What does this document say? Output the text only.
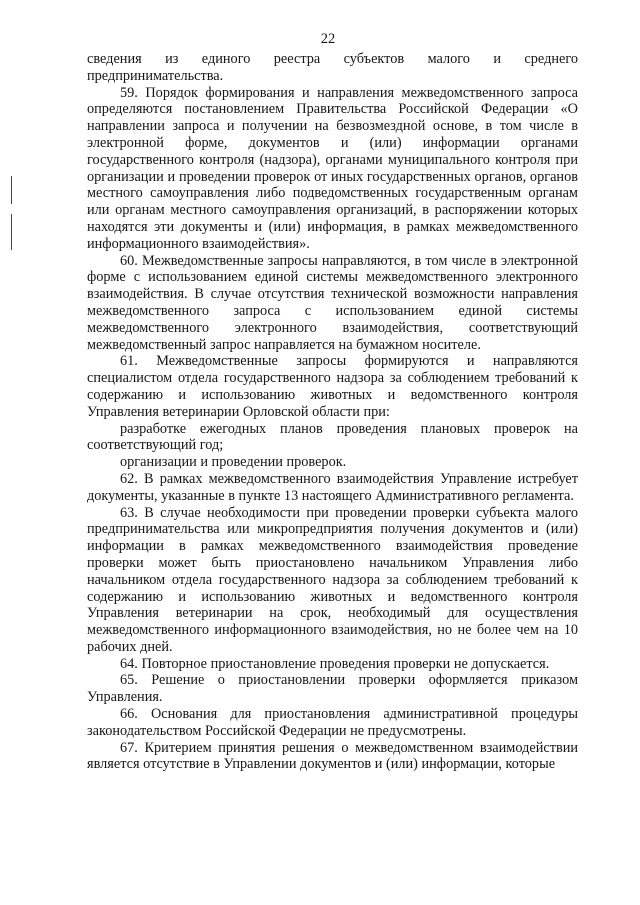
22

сведения из единого реестра субъектов малого и среднего предпринимательства.

59. Порядок формирования и направления межведомственного запроса определяются постановлением Правительства Российской Федерации «О направлении запроса и получении на безвозмездной основе, в том числе в электронной форме, документов и (или) информации органами государственного контроля (надзора), органами муниципального контроля при организации и проведении проверок от иных государственных органов, органов местного самоуправления либо подведомственных государственным органам или органам местного самоуправления организаций, в распоряжении которых находятся эти документы и (или) информация, в рамках межведомственного информационного взаимодействия».

60. Межведомственные запросы направляются, в том числе в электронной форме с использованием единой системы межведомственного электронного взаимодействия. В случае отсутствия технической возможности направления межведомственного запроса с использованием единой системы межведомственного электронного взаимодействия, соответствующий межведомственный запрос направляется на бумажном носителе.

61. Межведомственные запросы формируются и направляются специалистом отдела государственного надзора за соблюдением требований к содержанию и использованию животных и ведомственного контроля Управления ветеринарии Орловской области при:

разработке ежегодных планов проведения плановых проверок на соответствующий год;

организации и проведении проверок.

62. В рамках межведомственного взаимодействия Управление истребует документы, указанные в пункте 13 настоящего Административного регламента.

63. В случае необходимости при проведении проверки субъекта малого предпринимательства или микропредприятия получения документов и (или) информации в рамках межведомственного взаимодействия проведение проверки может быть приостановлено начальником Управления либо начальником отдела государственного надзора за соблюдением требований к содержанию и использованию животных и ведомственного контроля Управления ветеринарии на срок, необходимый для осуществления межведомственного информационного взаимодействия, но не более чем на 10 рабочих дней.

64. Повторное приостановление проведения проверки не допускается.

65. Решение о приостановлении проверки оформляется приказом Управления.

66. Основания для приостановления административной процедуры законодательством Российской Федерации не предусмотрены.

67. Критерием принятия решения о межведомственном взаимодействии является отсутствие в Управлении документов и (или) информации, которые
